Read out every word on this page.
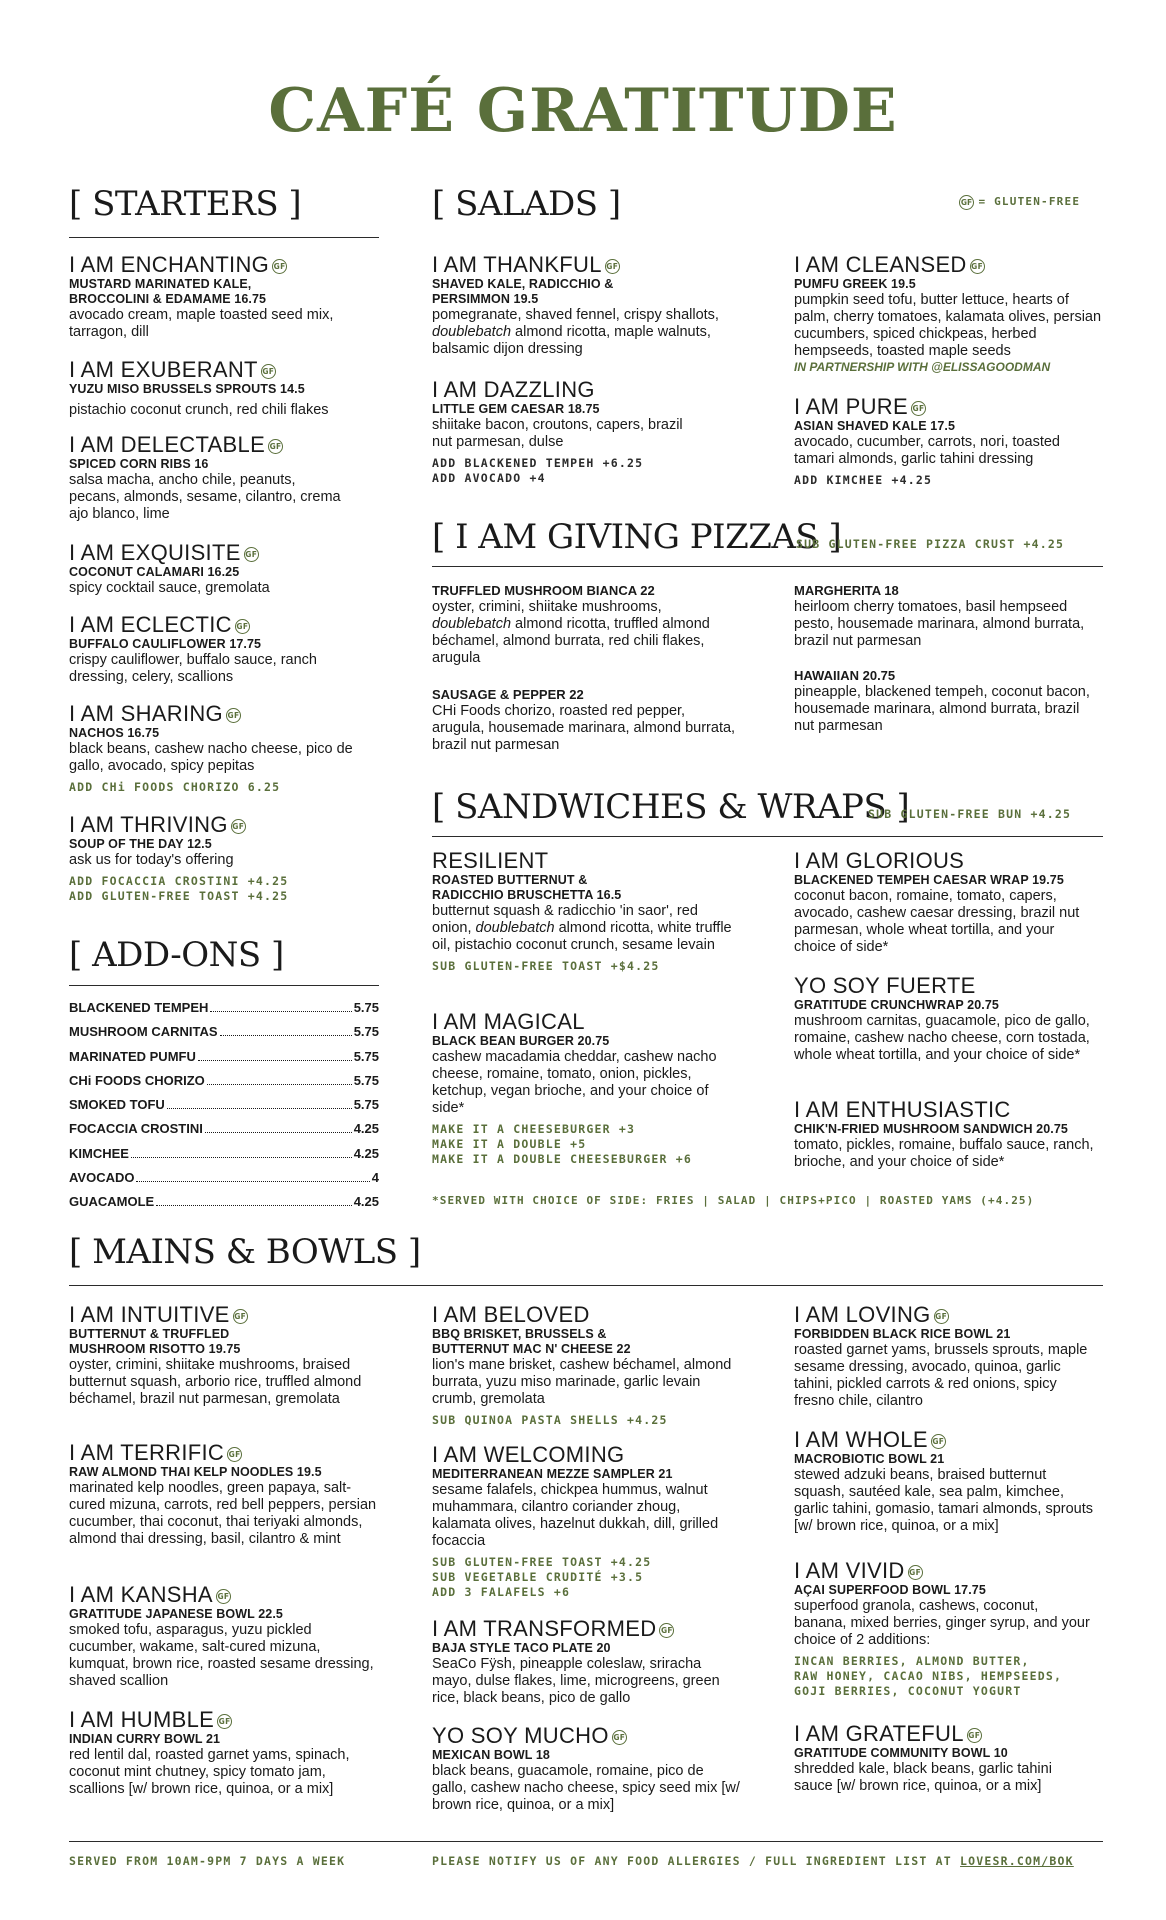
CAFÉ GRATITUDE
[ STARTERS ]
I AM ENCHANTING GF
MUSTARD MARINATED KALE, BROCCOLINI & EDAMAME 16.75
avocado cream, maple toasted seed mix, tarragon, dill
I AM EXUBERANT GF
YUZU MISO BRUSSELS SPROUTS 14.5
pistachio coconut crunch, red chili flakes
I AM DELECTABLE GF
SPICED CORN RIBS 16
salsa macha, ancho chile, peanuts, pecans, almonds, sesame, cilantro, crema ajo blanco, lime
I AM EXQUISITE GF
COCONUT CALAMARI 16.25
spicy cocktail sauce, gremolata
I AM ECLECTIC GF
BUFFALO CAULIFLOWER 17.75
crispy cauliflower, buffalo sauce, ranch dressing, celery, scallions
I AM SHARING GF
NACHOS 16.75
black beans, cashew nacho cheese, pico de gallo, avocado, spicy pepitas
ADD CHi FOODS CHORIZO 6.25
I AM THRIVING GF
SOUP OF THE DAY 12.5
ask us for today's offering
ADD FOCACCIA CROSTINI +4.25
ADD GLUTEN-FREE TOAST +4.25
[ ADD-ONS ]
BLACKENED TEMPEH	5.75
MUSHROOM CARNITAS	5.75
MARINATED PUMFU	5.75
CHi FOODS CHORIZO	5.75
SMOKED TOFU	5.75
FOCACCIA CROSTINI	4.25
KIMCHEE	4.25
AVOCADO	4
GUACAMOLE	4.25
[ SALADS ]	GF = GLUTEN-FREE
I AM THANKFUL GF
SHAVED KALE, RADICCHIO & PERSIMMON 19.5
pomegranate, shaved fennel, crispy shallots, doublebatch almond ricotta, maple walnuts, balsamic dijon dressing
I AM DAZZLING
LITTLE GEM CAESAR 18.75
shiitake bacon, croutons, capers, brazil nut parmesan, dulse
ADD BLACKENED TEMPEH +6.25
ADD AVOCADO +4
I AM CLEANSED GF
PUMFU GREEK 19.5
pumpkin seed tofu, butter lettuce, hearts of palm, cherry tomatoes, kalamata olives, persian cucumbers, spiced chickpeas, herbed hempseeds, toasted maple seeds
IN PARTNERSHIP WITH @ELISSAGOODMAN
I AM PURE GF
ASIAN SHAVED KALE 17.5
avocado, cucumber, carrots, nori, toasted tamari almonds, garlic tahini dressing
ADD KIMCHEE +4.25
[ I AM GIVING PIZZAS ]
SUB GLUTEN-FREE PIZZA CRUST +4.25
TRUFFLED MUSHROOM BIANCA 22
oyster, crimini, shiitake mushrooms, doublebatch almond ricotta, truffled almond béchamel, almond burrata, red chili flakes, arugula
SAUSAGE & PEPPER 22
CHi Foods chorizo, roasted red pepper, arugula, housemade marinara, almond burrata, brazil nut parmesan
MARGHERITA 18
heirloom cherry tomatoes, basil hempseed pesto, housemade marinara, almond burrata, brazil nut parmesan
HAWAIIAN 20.75
pineapple, blackened tempeh, coconut bacon, housemade marinara, almond burrata, brazil nut parmesan
[ SANDWICHES & WRAPS ]
SUB GLUTEN-FREE BUN +4.25
RESILIENT
ROASTED BUTTERNUT & RADICCHIO BRUSCHETTA 16.5
butternut squash & radicchio 'in saor', red onion, doublebatch almond ricotta, white truffle oil, pistachio coconut crunch, sesame levain
SUB GLUTEN-FREE TOAST +$4.25
I AM MAGICAL
BLACK BEAN BURGER 20.75
cashew macadamia cheddar, cashew nacho cheese, romaine, tomato, onion, pickles, ketchup, vegan brioche, and your choice of side*
MAKE IT A CHEESEBURGER +3
MAKE IT A DOUBLE +5
MAKE IT A DOUBLE CHEESEBURGER +6
I AM GLORIOUS
BLACKENED TEMPEH CAESAR WRAP 19.75
coconut bacon, romaine, tomato, capers, avocado, cashew caesar dressing, brazil nut parmesan, whole wheat tortilla, and your choice of side*
YO SOY FUERTE
GRATITUDE CRUNCHWRAP 20.75
mushroom carnitas, guacamole, pico de gallo, romaine, cashew nacho cheese, corn tostada, whole wheat tortilla, and your choice of side*
I AM ENTHUSIASTIC
CHIK'N-FRIED MUSHROOM SANDWICH 20.75
tomato, pickles, romaine, buffalo sauce, ranch, brioche, and your choice of side*
*SERVED WITH CHOICE OF SIDE: FRIES | SALAD | CHIPS+PICO | ROASTED YAMS (+4.25)
[ MAINS & BOWLS ]
I AM INTUITIVE GF
BUTTERNUT & TRUFFLED MUSHROOM RISOTTO 19.75
oyster, crimini, shiitake mushrooms, braised butternut squash, arborio rice, truffled almond béchamel, brazil nut parmesan, gremolata
I AM TERRIFIC GF
RAW ALMOND THAI KELP NOODLES 19.5
marinated kelp noodles, green papaya, salt-cured mizuna, carrots, red bell peppers, persian cucumber, thai coconut, thai teriyaki almonds, almond thai dressing, basil, cilantro & mint
I AM KANSHA GF
GRATITUDE JAPANESE BOWL 22.5
smoked tofu, asparagus, yuzu pickled cucumber, wakame, salt-cured mizuna, kumquat, brown rice, roasted sesame dressing, shaved scallion
I AM HUMBLE GF
INDIAN CURRY BOWL 21
red lentil dal, roasted garnet yams, spinach, coconut mint chutney, spicy tomato jam, scallions [w/ brown rice, quinoa, or a mix]
I AM BELOVED
BBQ BRISKET, BRUSSELS & BUTTERNUT MAC N' CHEESE 22
lion's mane brisket, cashew béchamel, almond burrata, yuzu miso marinade, garlic levain crumb, gremolata
SUB QUINOA PASTA SHELLS +4.25
I AM WELCOMING
MEDITERRANEAN MEZZE SAMPLER 21
sesame falafels, chickpea hummus, walnut muhammara, cilantro coriander zhoug, kalamata olives, hazelnut dukkah, dill, grilled focaccia
SUB GLUTEN-FREE TOAST +4.25
SUB VEGETABLE CRUDITÉ +3.5
ADD 3 FALAFELS +6
I AM TRANSFORMED GF
BAJA STYLE TACO PLATE 20
SeaCo Fÿsh, pineapple coleslaw, sriracha mayo, dulse flakes, lime, microgreens, green rice, black beans, pico de gallo
YO SOY MUCHO GF
MEXICAN BOWL 18
black beans, guacamole, romaine, pico de gallo, cashew nacho cheese, spicy seed mix [w/ brown rice, quinoa, or a mix]
I AM LOVING GF
FORBIDDEN BLACK RICE BOWL 21
roasted garnet yams, brussels sprouts, maple sesame dressing, avocado, quinoa, garlic tahini, pickled carrots & red onions, spicy fresno chile, cilantro
I AM WHOLE GF
MACROBIOTIC BOWL 21
stewed adzuki beans, braised butternut squash, sautéed kale, sea palm, kimchee, garlic tahini, gomasio, tamari almonds, sprouts [w/ brown rice, quinoa, or a mix]
I AM VIVID GF
AÇAI SUPERFOOD BOWL 17.75
superfood granola, cashews, coconut, banana, mixed berries, ginger syrup, and your choice of 2 additions:
INCAN BERRIES, ALMOND BUTTER,
RAW HONEY, CACAO NIBS, HEMPSEEDS,
GOJI BERRIES, COCONUT YOGURT
I AM GRATEFUL GF
GRATITUDE COMMUNITY BOWL 10
shredded kale, black beans, garlic tahini sauce [w/ brown rice, quinoa, or a mix]
SERVED FROM 10AM-9PM 7 DAYS A WEEK	PLEASE NOTIFY US OF ANY FOOD ALLERGIES / FULL INGREDIENT LIST AT LOVESR.COM/BOK
